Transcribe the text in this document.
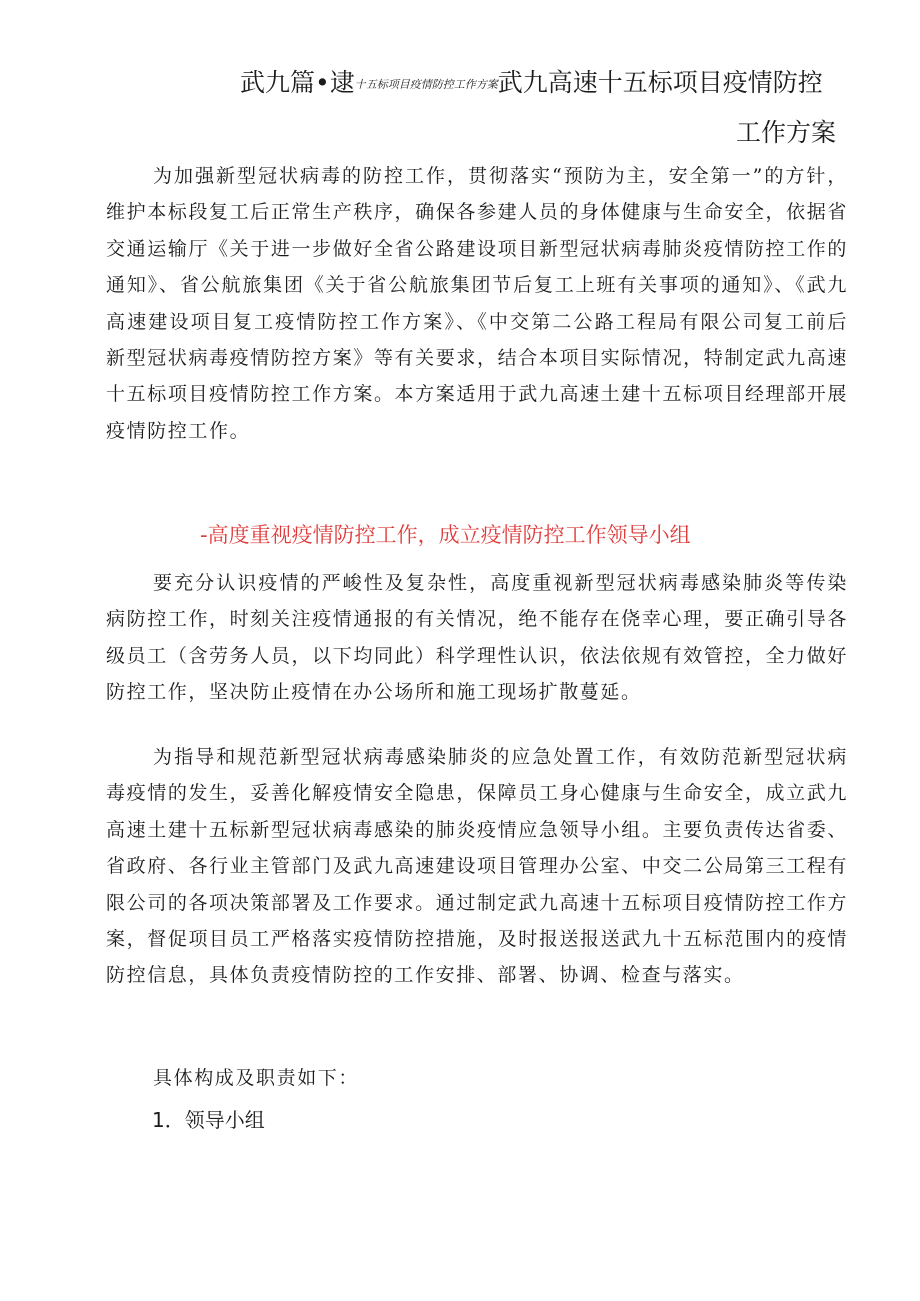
武九篇•逮十五标项目疫情防控工作方案武九高速十五标项目疫情防控
工作方案

为加强新型冠状病毒的防控工作，贯彻落实“预防为主，安全第一”的方针，维护本标段复工后正常生产秩序，确保各参建人员的身体健康与生命安全，依据省交通运输厅《关于进一步做好全省公路建设项目新型冠状病毒肺炎疫情防控工作的通知》、省公航旅集团《关于省公航旅集团节后复工上班有关事项的通知》、《武九高速建设项目复工疫情防控工作方案》、《中交第二公路工程局有限公司复工前后新型冠状病毒疫情防控方案》等有关要求，结合本项目实际情况，特制定武九高速十五标项目疫情防控工作方案。本方案适用于武九高速土建十五标项目经理部开展疫情防控工作。

-高度重视疫情防控工作，成立疫情防控工作领导小组

要充分认识疫情的严峻性及复杂性，高度重视新型冠状病毒感染肺炎等传染病防控工作，时刻关注疫情通报的有关情况，绝不能存在侥幸心理，要正确引导各级员工（含劳务人员，以下均同此）科学理性认识，依法依规有效管控，全力做好防控工作，坚决防止疫情在办公场所和施工现场扩散蔓延。

为指导和规范新型冠状病毒感染肺炎的应急处置工作，有效防范新型冠状病毒疫情的发生，妥善化解疫情安全隐患，保障员工身心健康与生命安全，成立武九高速土建十五标新型冠状病毒感染的肺炎疫情应急领导小组。主要负责传达省委、省政府、各行业主管部门及武九高速建设项目管理办公室、中交二公局第三工程有限公司的各项决策部署及工作要求。通过制定武九高速十五标项目疫情防控工作方案，督促项目员工严格落实疫情防控措施，及时报送报送武九十五标范围内的疫情防控信息，具体负责疫情防控的工作安排、部署、协调、检查与落实。

具体构成及职责如下：

1．领导小组
